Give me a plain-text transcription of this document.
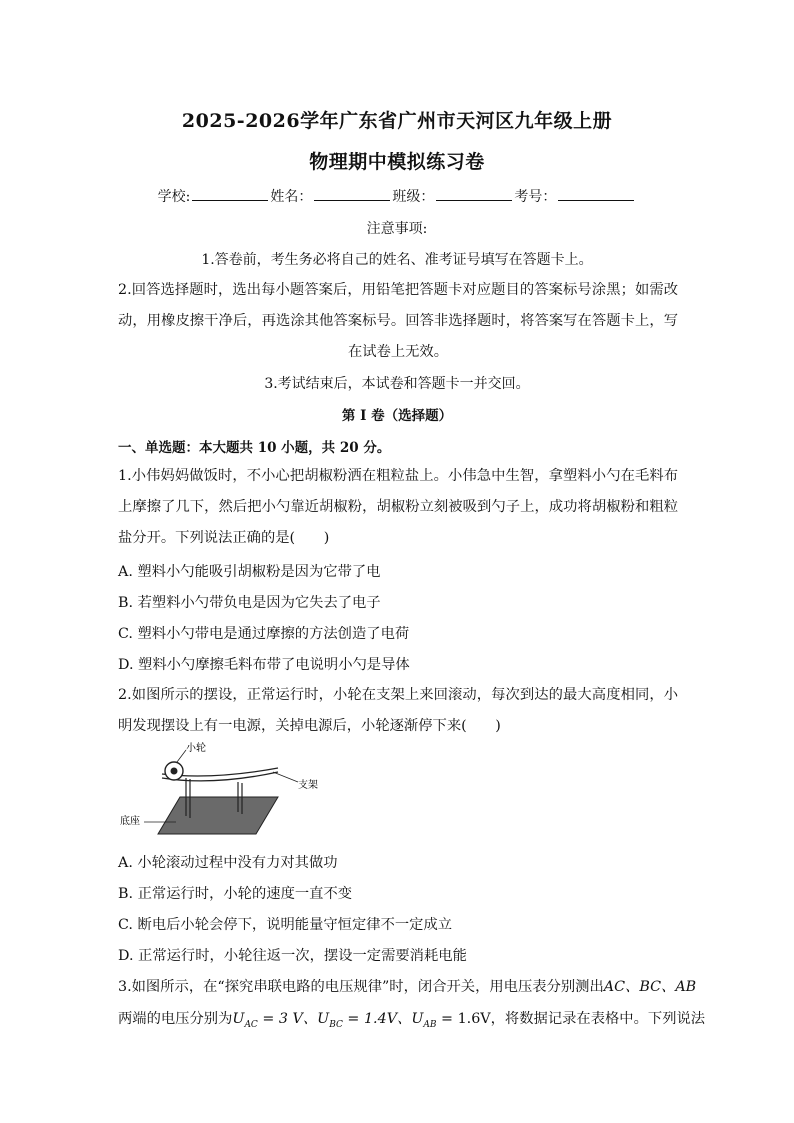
2025-2026学年广东省广州市天河区九年级上册
物理期中模拟练习卷
学校:	姓名：	班级：	考号：
注意事项:
1.答卷前，考生务必将自己的姓名、准考证号填写在答题卡上。
2.回答选择题时，选出每小题答案后，用铅笔把答题卡对应题目的答案标号涂黑；如需改动，用橡皮擦干净后，再选涂其他答案标号。回答非选择题时，将答案写在答题卡上，写在试卷上无效。
3.考试结束后，本试卷和答题卡一并交回。
第 I 卷（选择题）
一、单选题：本大题共 10 小题，共 20 分。
1.小伟妈妈做饭时，不小心把胡椒粉洒在粗粒盐上。小伟急中生智，拿塑料小勺在毛料布上摩擦了几下，然后把小勺靠近胡椒粉，胡椒粉立刻被吸到勺子上，成功将胡椒粉和粗粒盐分开。下列说法正确的是(　　)
A. 塑料小勺能吸引胡椒粉是因为它带了电
B. 若塑料小勺带负电是因为它失去了电子
C. 塑料小勺带电是通过摩擦的方法创造了电荷
D. 塑料小勺摩擦毛料布带了电说明小勺是导体
2.如图所示的摆设，正常运行时，小轮在支架上来回滚动，每次到达的最大高度相同，小明发现摆设上有一电源，关掉电源后，小轮逐渐停下来(　　)
小轮
支架
底座
A. 小轮滚动过程中没有力对其做功
B. 正常运行时，小轮的速度一直不变
C. 断电后小轮会停下，说明能量守恒定律不一定成立
D. 正常运行时，小轮往返一次，摆设一定需要消耗电能
3.如图所示，在“探究串联电路的电压规律”时，闭合开关，用电压表分别测出AC、BC、AB
两端的电压分别为$U_{AC} = 3$ V、$U_{BC} = 1.4V$、$U_{AB} = 1.6V$，将数据记录在表格中。下列说法
